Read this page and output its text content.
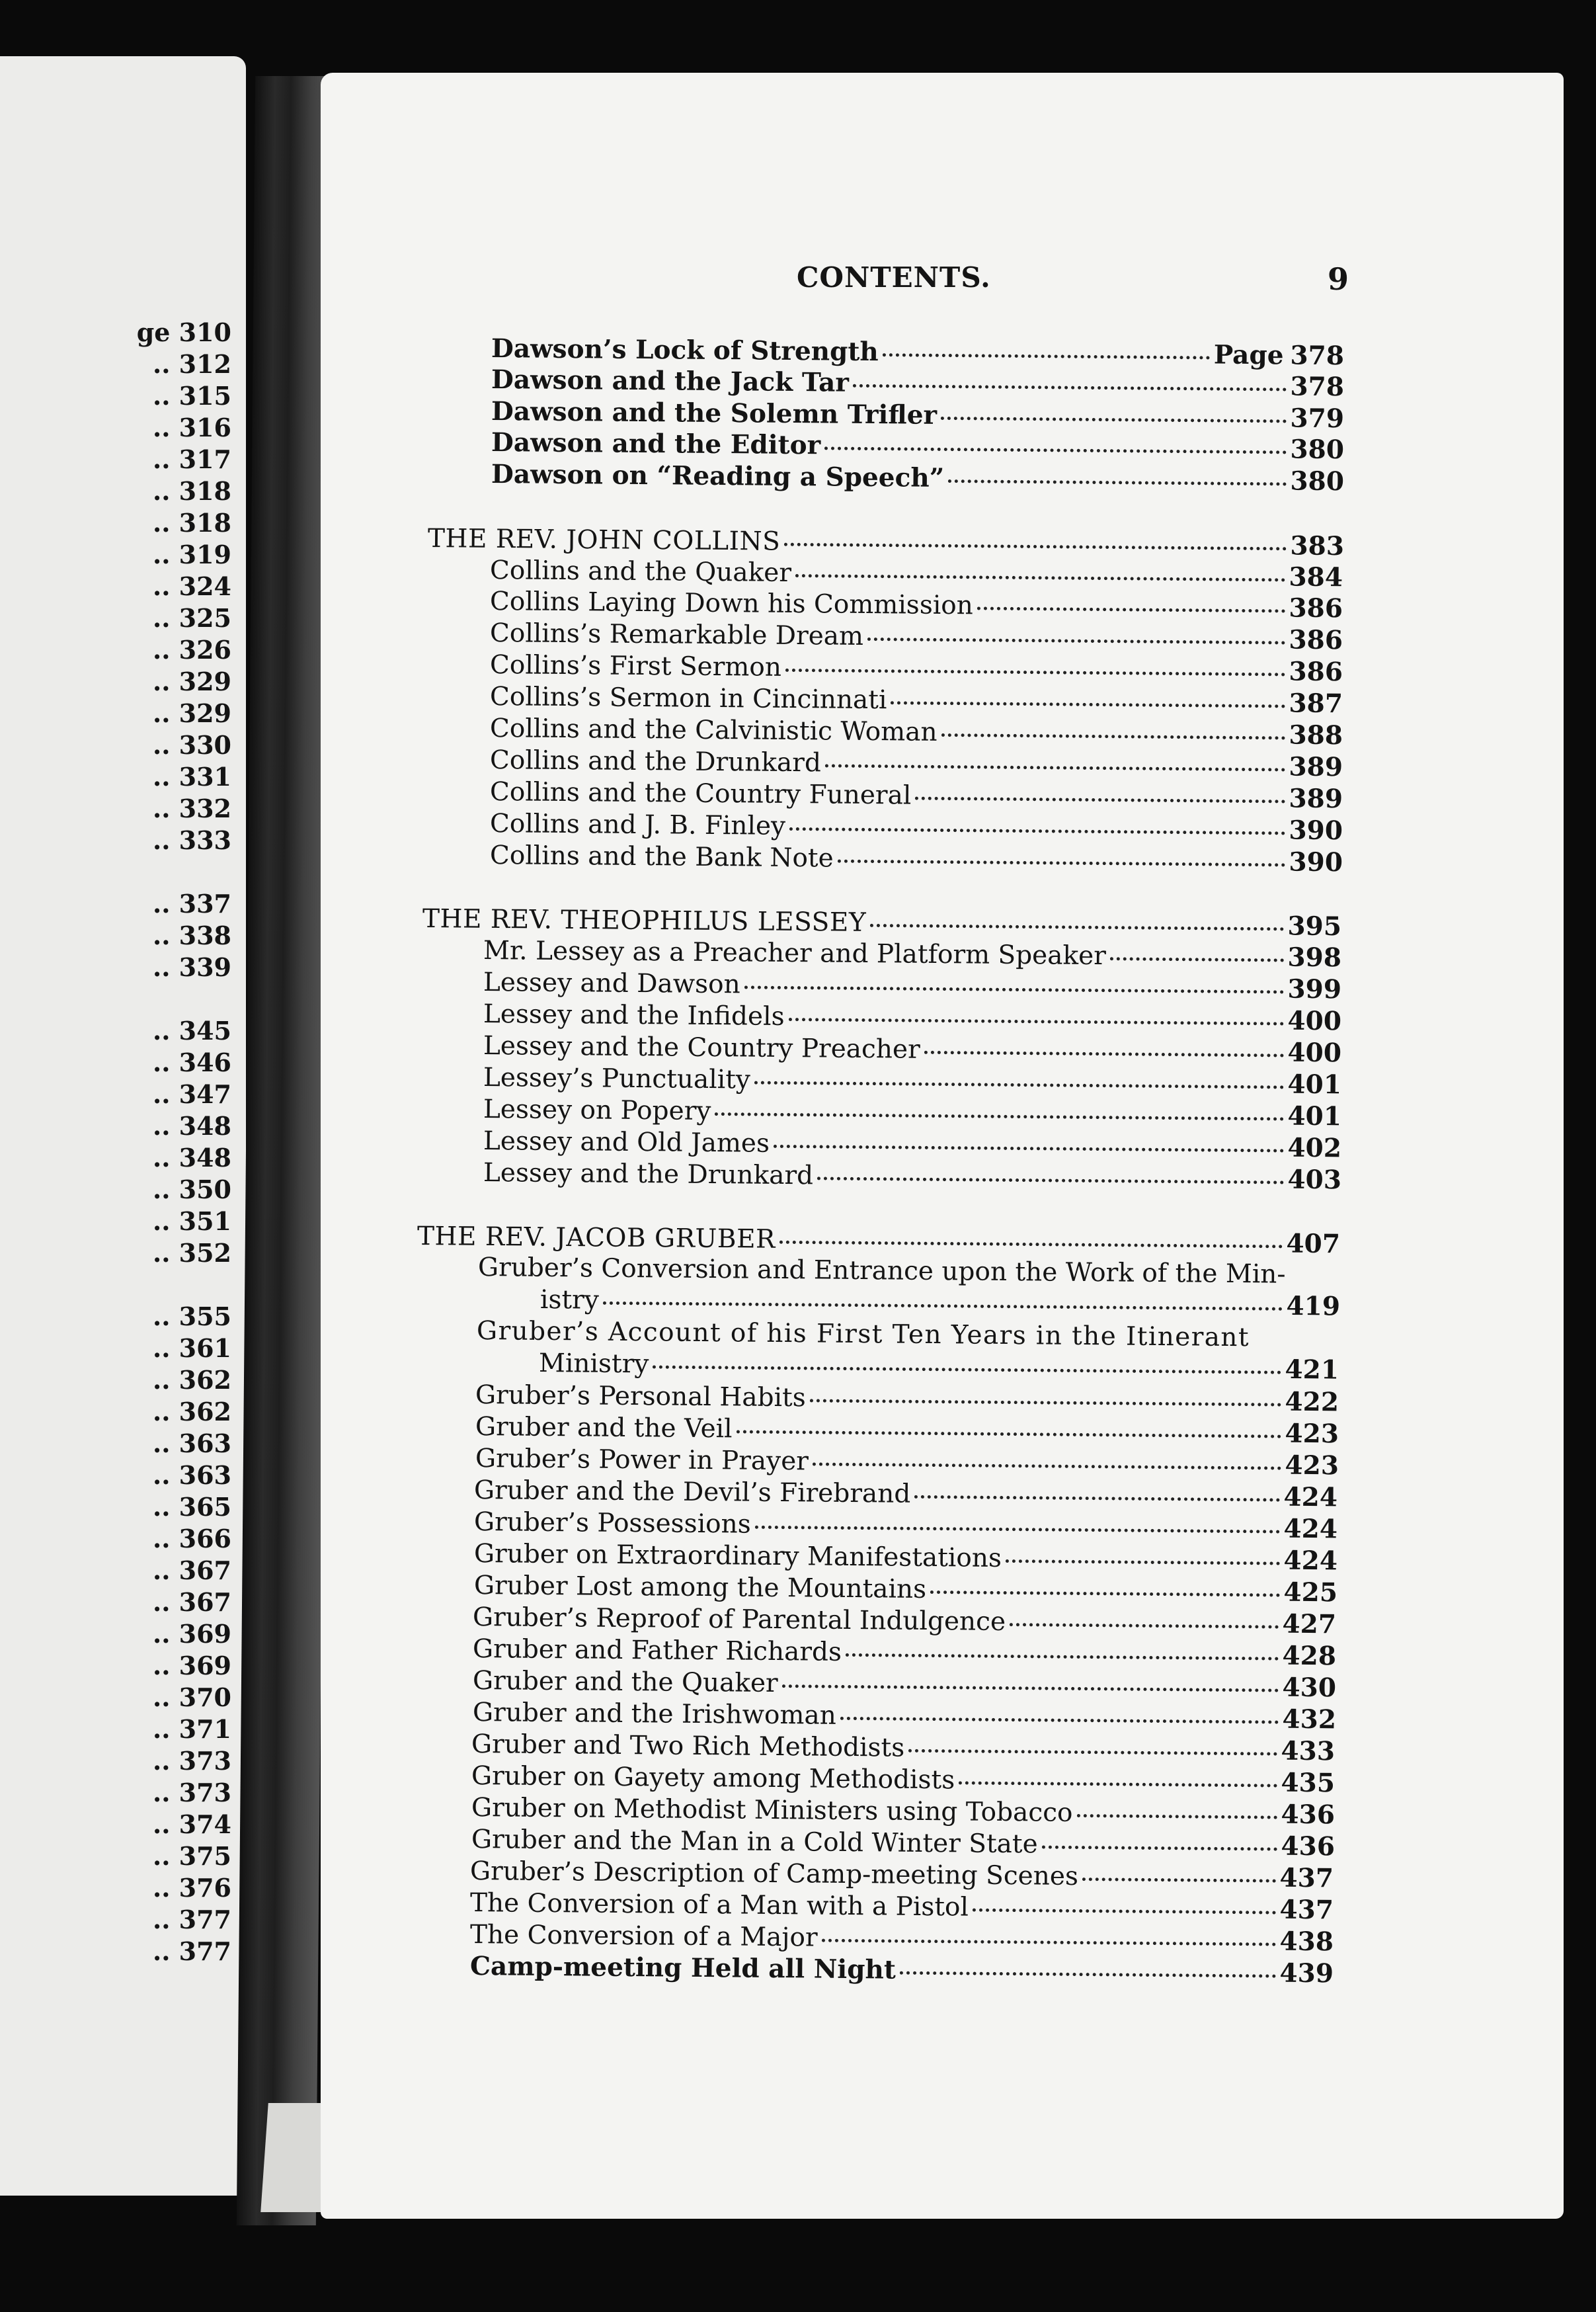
ge 310
.. 312
.. 315
.. 316
.. 317
.. 318
.. 318
.. 319
.. 324
.. 325
.. 326
.. 329
.. 329
.. 330
.. 331
.. 332
.. 333
.. 337
.. 338
.. 339
.. 345
.. 346
.. 347
.. 348
.. 348
.. 350
.. 351
.. 352
.. 355
.. 361
.. 362
.. 362
.. 363
.. 363
.. 365
.. 366
.. 367
.. 367
.. 369
.. 369
.. 370
.. 371
.. 373
.. 373
.. 374
.. 375
.. 376
.. 377
.. 377
CONTENTS.	9
Dawson’s Lock of Strength	Page 378
Dawson and the Jack Tar	378
Dawson and the Solemn Trifler	379
Dawson and the Editor	380
Dawson on “Reading a Speech”	380
THE REV. JOHN COLLINS	383
Collins and the Quaker	384
Collins Laying Down his Commission	386
Collins’s Remarkable Dream	386
Collins’s First Sermon	386
Collins’s Sermon in Cincinnati	387
Collins and the Calvinistic Woman	388
Collins and the Drunkard	389
Collins and the Country Funeral	389
Collins and J. B. Finley	390
Collins and the Bank Note	390
THE REV. THEOPHILUS LESSEY	395
Mr. Lessey as a Preacher and Platform Speaker	398
Lessey and Dawson	399
Lessey and the Infidels	400
Lessey and the Country Preacher	400
Lessey’s Punctuality	401
Lessey on Popery	401
Lessey and Old James	402
Lessey and the Drunkard	403
THE REV. JACOB GRUBER	407
Gruber’s Conversion and Entrance upon the Work of the Min-
istry	419
Gruber’s Account of his First Ten Years in the Itinerant
Ministry	421
Gruber’s Personal Habits	422
Gruber and the Veil	423
Gruber’s Power in Prayer	423
Gruber and the Devil’s Firebrand	424
Gruber’s Possessions	424
Gruber on Extraordinary Manifestations	424
Gruber Lost among the Mountains	425
Gruber’s Reproof of Parental Indulgence	427
Gruber and Father Richards	428
Gruber and the Quaker	430
Gruber and the Irishwoman	432
Gruber and Two Rich Methodists	433
Gruber on Gayety among Methodists	435
Gruber on Methodist Ministers using Tobacco	436
Gruber and the Man in a Cold Winter State	436
Gruber’s Description of Camp-meeting Scenes	437
The Conversion of a Man with a Pistol	437
The Conversion of a Major	438
Camp-meeting Held all Night	439
